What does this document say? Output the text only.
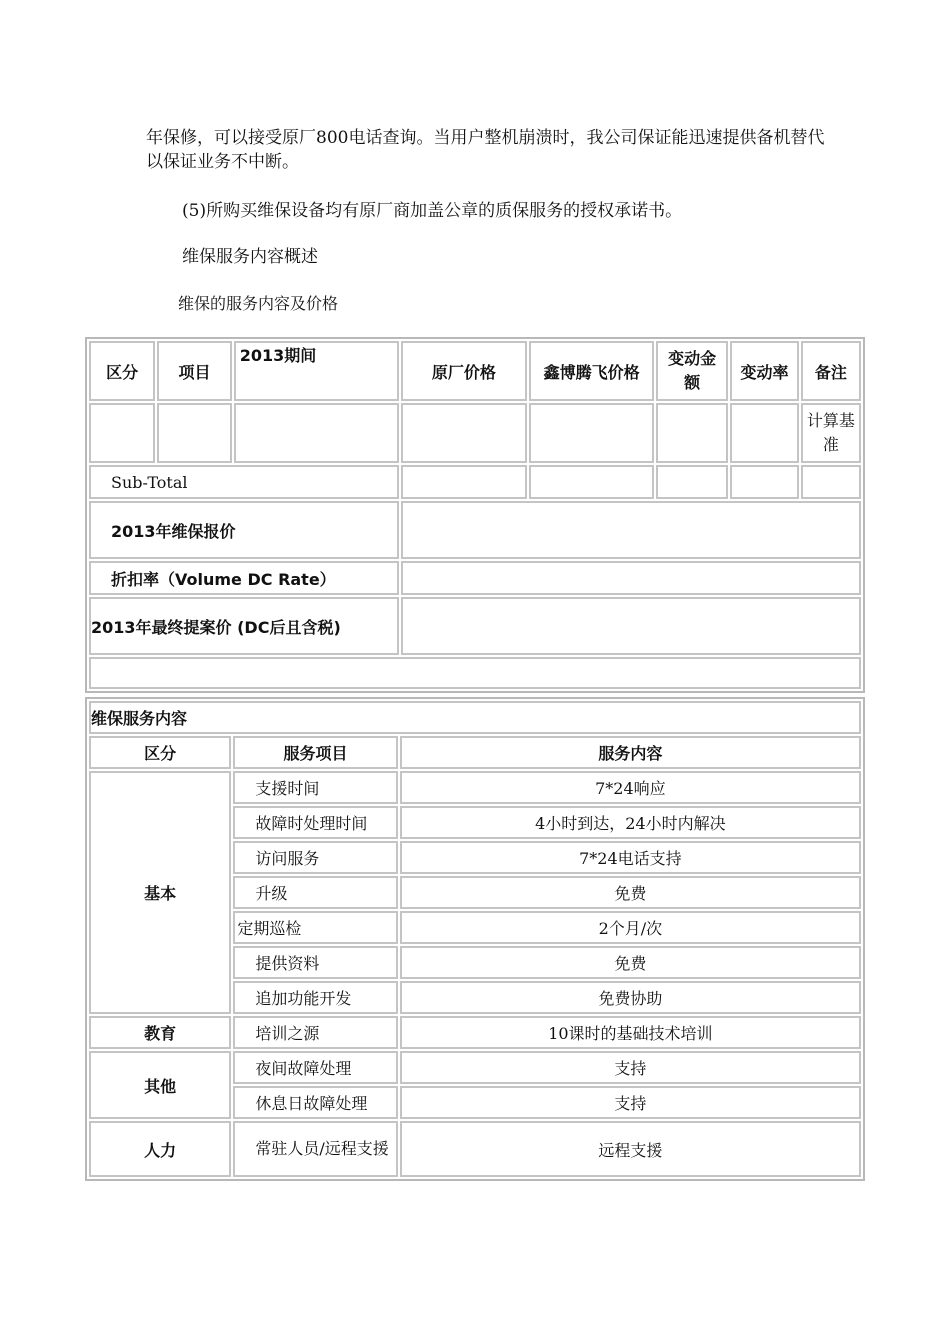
年保修，可以接受原厂800电话查询。当用户整机崩溃时，我公司保证能迅速提供备机替代以保证业务不中断。

(5)所购买维保设备均有原厂商加盖公章的质保服务的授权承诺书。

维保服务内容概述

维保的服务内容及价格

区分	项目	2013期间	原厂价格	鑫博腾飞价格	变动金额	变动率	备注
							计算基准
Sub-Total							
2013年维保报价							
折扣率（Volume DC Rate）							
2013年最终提案价 (DC后且含税)							

维保服务内容		
区分	服务项目	服务内容
基本	支援时间	7*24响应
	故障时处理时间	4小时到达，24小时内解决
	访问服务	7*24电话支持
	升级	免费
	定期巡检	2个月/次
	提供资料	免费
	追加功能开发	免费协助
教育	培训之源	10课时的基础技术培训
其他	夜间故障处理	支持
	休息日故障处理	支持
人力	常驻人员/远程支援	远程支援
